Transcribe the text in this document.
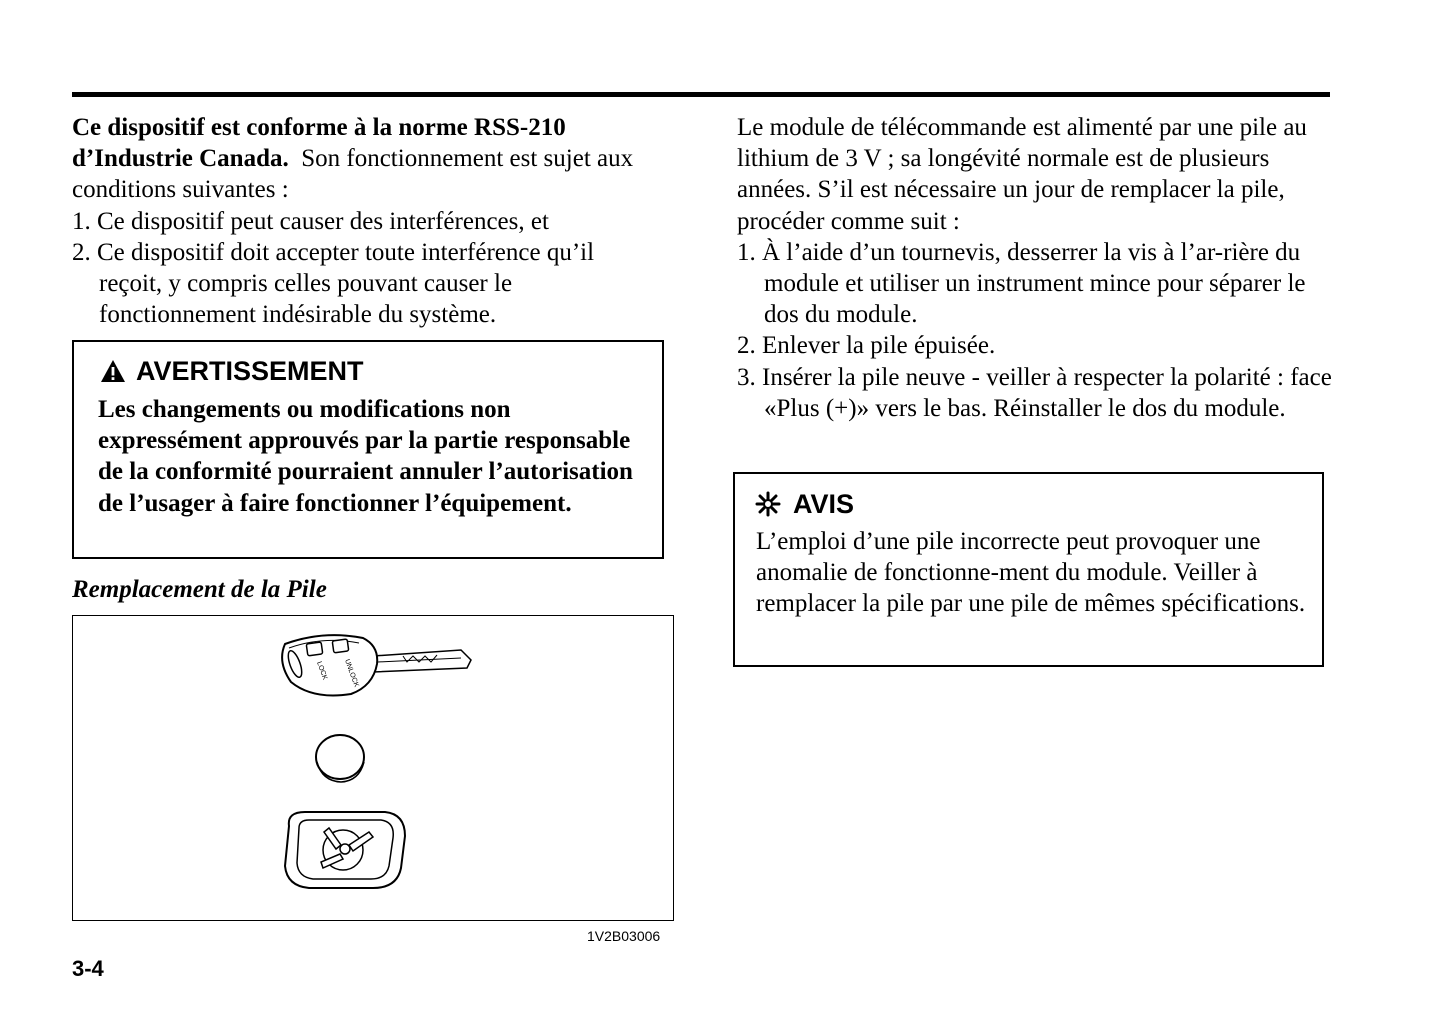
Ce dispositif est conforme à la norme RSS-210 d’Industrie Canada. Son fonctionnement est sujet aux conditions suivantes :

1. Ce dispositif peut causer des interférences, et

2. Ce dispositif doit accepter toute interférence qu’il reçoit, y compris celles pouvant causer le fonctionnement indésirable du système.

AVERTISSEMENT
Les changements ou modifications non expressément approuvés par la partie responsable de la conformité pourraient annuler l’autorisation de l’usager à faire fonctionner l’équipement.
Remplacement de la Pile
LOCK UNLOCK
1V2B03006
3-4

Le module de télécommande est alimenté par une pile au lithium de 3 V ; sa longévité normale est de plusieurs années. S’il est nécessaire un jour de remplacer la pile, procéder comme suit :

1. À l’aide d’un tournevis, desserrer la vis à l’ar-rière du module et utiliser un instrument mince pour séparer le dos du module.

2. Enlever la pile épuisée.

3. Insérer la pile neuve - veiller à respecter la polarité : face «Plus (+)» vers le bas. Réinstaller le dos du module.

AVIS
L’emploi d’une pile incorrecte peut provoquer une anomalie de fonctionne-ment du module. Veiller à remplacer la pile par une pile de mêmes spécifications.
